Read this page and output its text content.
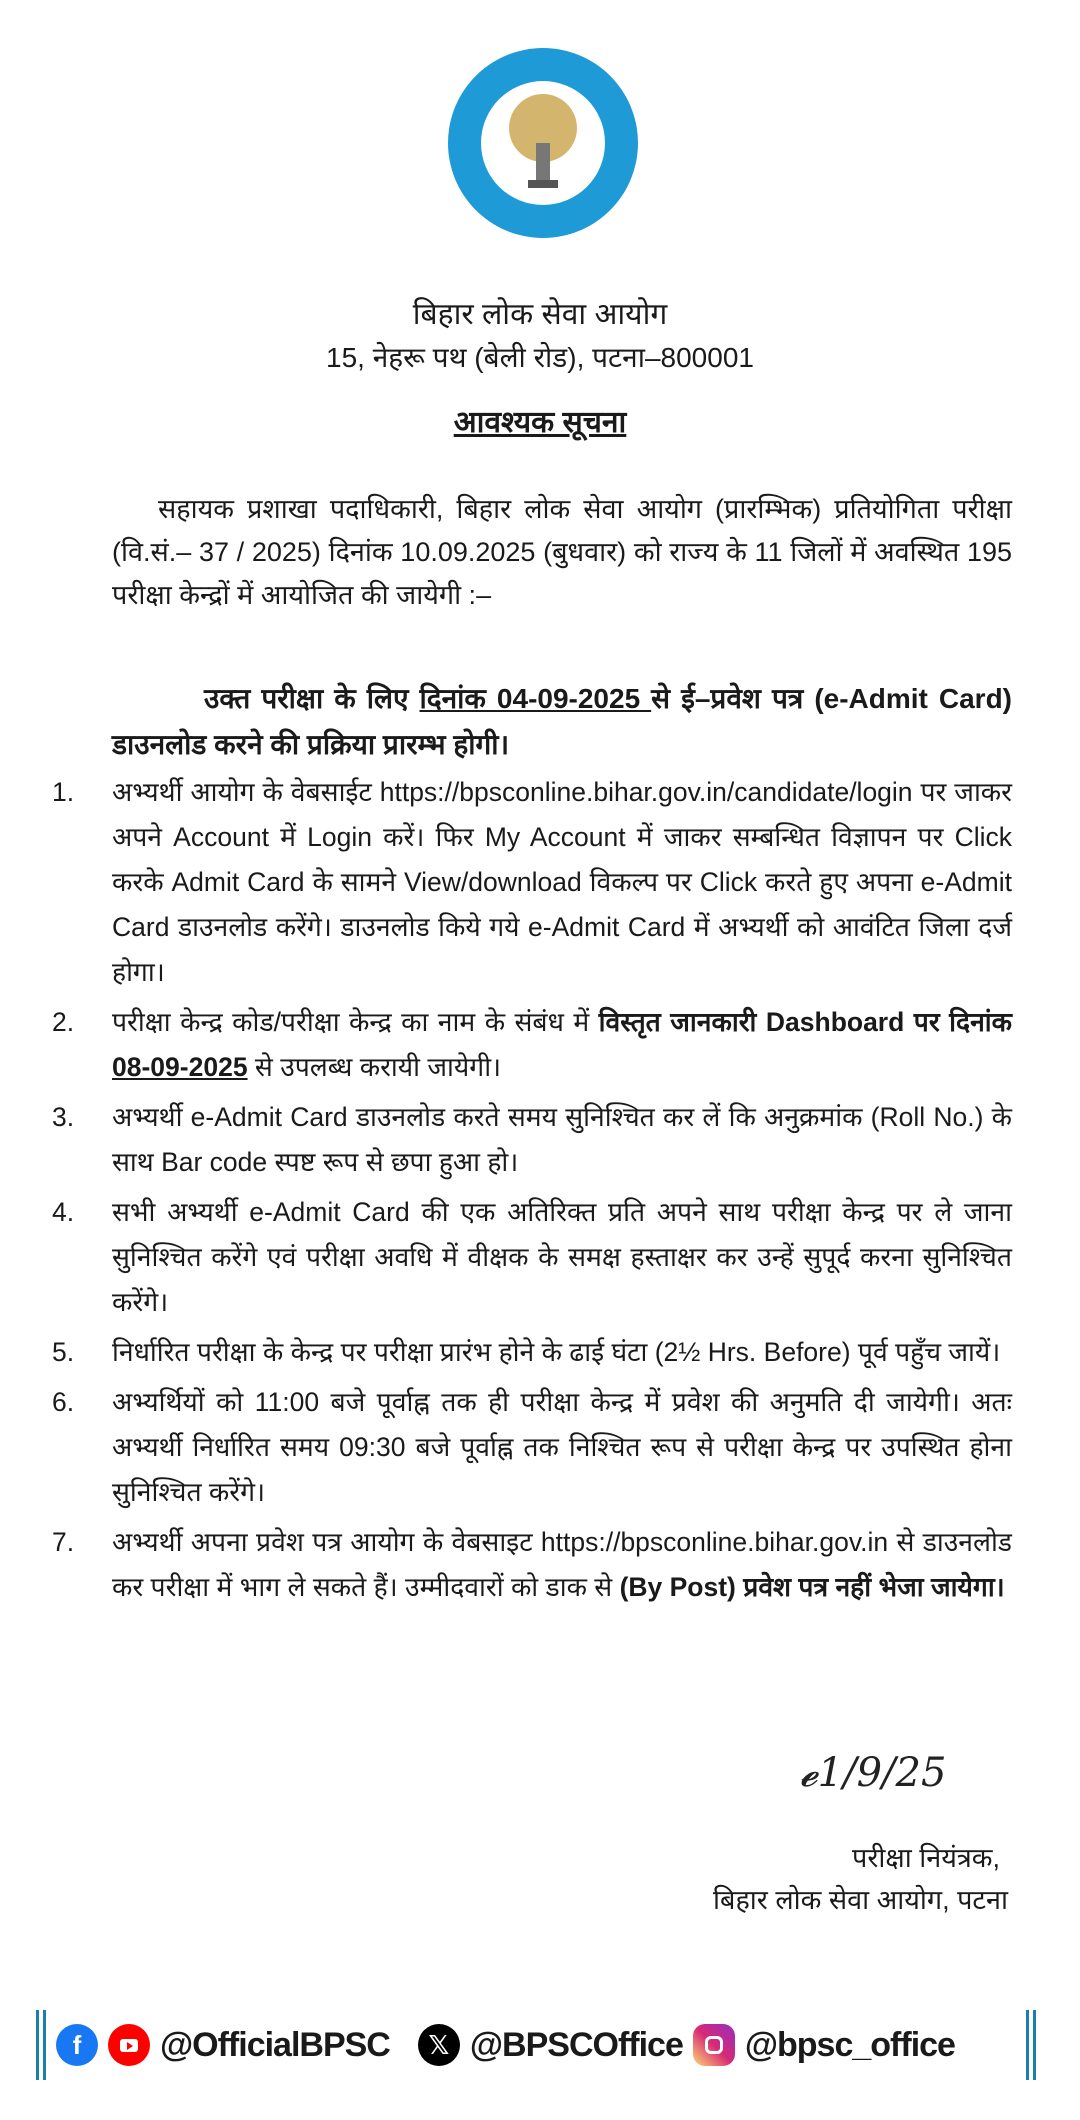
बिहार लोक सेवा आयोग
15, नेहरू पथ (बेली रोड), पटना–800001
आवश्यक सूचना
सहायक प्रशाखा पदाधिकारी, बिहार लोक सेवा आयोग (प्रारम्भिक) प्रतियोगिता परीक्षा (वि.सं.– 37 / 2025) दिनांक 10.09.2025 (बुधवार) को राज्य के 11 जिलों में अवस्थित 195 परीक्षा केन्द्रों में आयोजित की जायेगी :–
उक्त परीक्षा के लिए दिनांक 04-09-2025 से ई–प्रवेश पत्र (e-Admit Card) डाउनलोड करने की प्रक्रिया प्रारम्भ होगी।
1.	अभ्यर्थी आयोग के वेबसाईट https://bpsconline.bihar.gov.in/candidate/login पर जाकर अपने Account में Login करें। फिर My Account में जाकर सम्बन्धित विज्ञापन पर Click करके Admit Card के सामने View/download विकल्प पर Click करते हुए अपना e-Admit Card डाउनलोड करेंगे। डाउनलोड किये गये e-Admit Card में अभ्यर्थी को आवंटित जिला दर्ज होगा।
2.	परीक्षा केन्द्र कोड/परीक्षा केन्द्र का नाम के संबंध में विस्तृत जानकारी Dashboard पर दिनांक 08-09-2025 से उपलब्ध करायी जायेगी।
3.	अभ्यर्थी e-Admit Card डाउनलोड करते समय सुनिश्चित कर लें कि अनुक्रमांक (Roll No.) के साथ Bar code स्पष्ट रूप से छपा हुआ हो।
4.	सभी अभ्यर्थी e-Admit Card की एक अतिरिक्त प्रति अपने साथ परीक्षा केन्द्र पर ले जाना सुनिश्चित करेंगे एवं परीक्षा अवधि में वीक्षक के समक्ष हस्ताक्षर कर उन्हें सुपूर्द करना सुनिश्चित करेंगे।
5.	निर्धारित परीक्षा के केन्द्र पर परीक्षा प्रारंभ होने के ढाई घंटा (2½ Hrs. Before) पूर्व पहुँच जायें।
6.	अभ्यर्थियों को 11:00 बजे पूर्वाह्न तक ही परीक्षा केन्द्र में प्रवेश की अनुमति दी जायेगी। अतः अभ्यर्थी निर्धारित समय 09:30 बजे पूर्वाह्न तक निश्चित रूप से परीक्षा केन्द्र पर उपस्थित होना सुनिश्चित करेंगे।
7.	अभ्यर्थी अपना प्रवेश पत्र आयोग के वेबसाइट https://bpsconline.bihar.gov.in से डाउनलोड कर परीक्षा में भाग ले सकते हैं। उम्मीदवारों को डाक से (By Post) प्रवेश पत्र नहीं भेजा जायेगा।
𝓮1/9/25
परीक्षा नियंत्रक,
बिहार लोक सेवा आयोग, पटना
f	@OfficialBPSC	𝕏 @BPSCOffice @bpsc_office
